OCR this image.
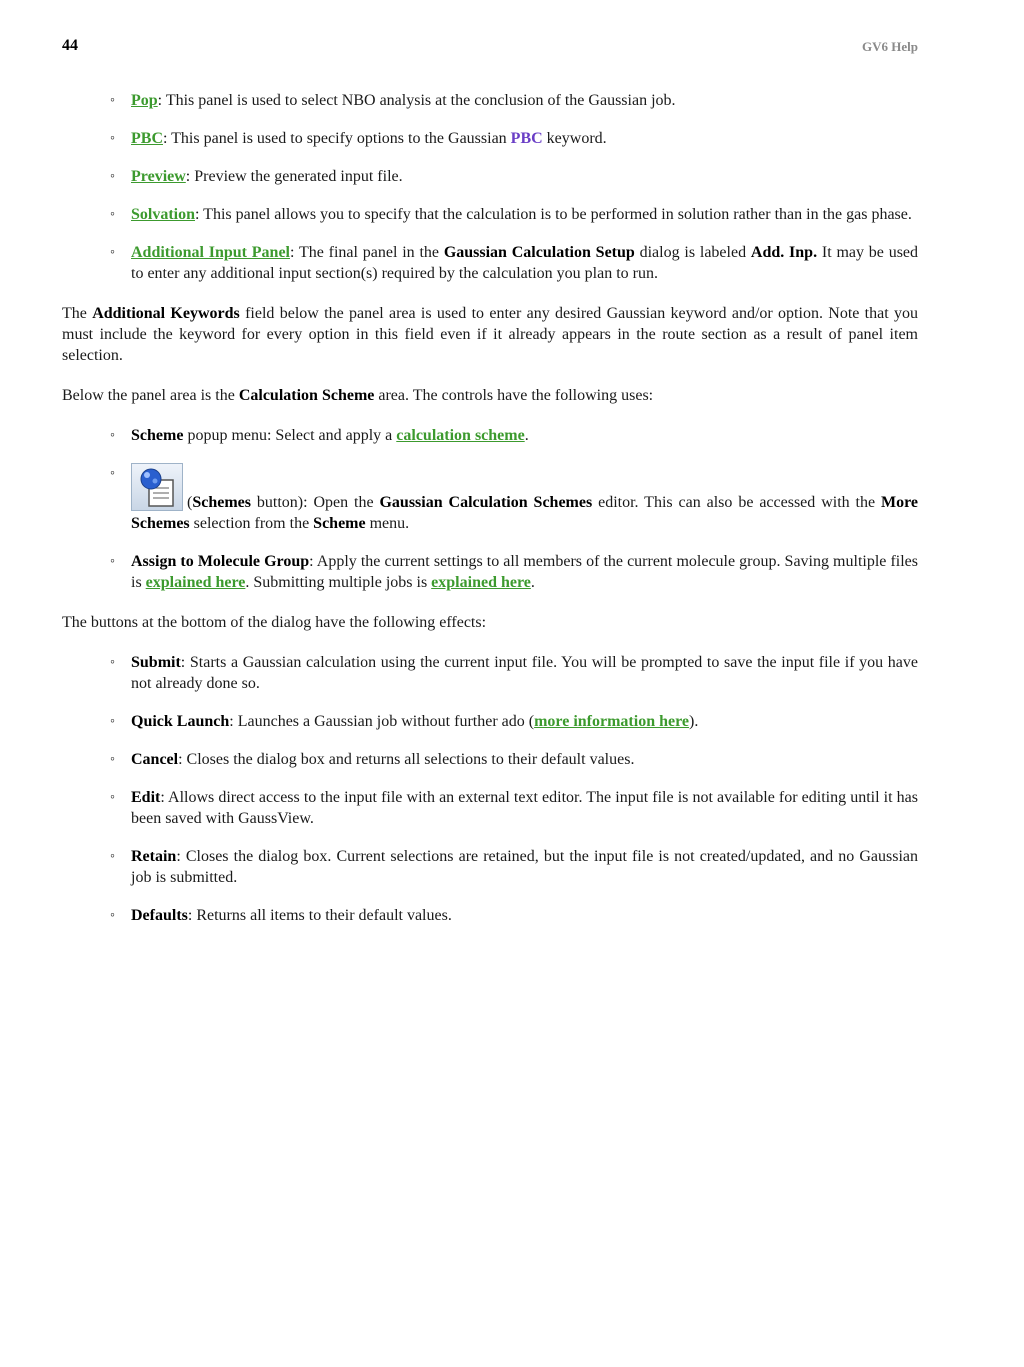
44	GV6 Help
◦ Pop: This panel is used to select NBO analysis at the conclusion of the Gaussian job.
◦ PBC: This panel is used to specify options to the Gaussian PBC keyword.
◦ Preview: Preview the generated input file.
◦ Solvation: This panel allows you to specify that the calculation is to be performed in solution rather than in the gas phase.
◦ Additional Input Panel: The final panel in the Gaussian Calculation Setup dialog is labeled Add. Inp. It may be used to enter any additional input section(s) required by the calculation you plan to run.

The Additional Keywords field below the panel area is used to enter any desired Gaussian keyword and/or option. Note that you must include the keyword for every option in this field even if it already appears in the route section as a result of panel item selection.

Below the panel area is the Calculation Scheme area. The controls have the following uses:

◦ Scheme popup menu: Select and apply a calculation scheme.
◦ (Schemes button): Open the Gaussian Calculation Schemes editor. This can also be accessed with the More Schemes selection from the Scheme menu.
◦ Assign to Molecule Group: Apply the current settings to all members of the current molecule group. Saving multiple files is explained here. Submitting multiple jobs is explained here.

The buttons at the bottom of the dialog have the following effects:

◦ Submit: Starts a Gaussian calculation using the current input file. You will be prompted to save the input file if you have not already done so.
◦ Quick Launch: Launches a Gaussian job without further ado (more information here).
◦ Cancel: Closes the dialog box and returns all selections to their default values.
◦ Edit: Allows direct access to the input file with an external text editor. The input file is not available for editing until it has been saved with GaussView.
◦ Retain: Closes the dialog box. Current selections are retained, but the input file is not created/updated, and no Gaussian job is submitted.
◦ Defaults: Returns all items to their default values.
